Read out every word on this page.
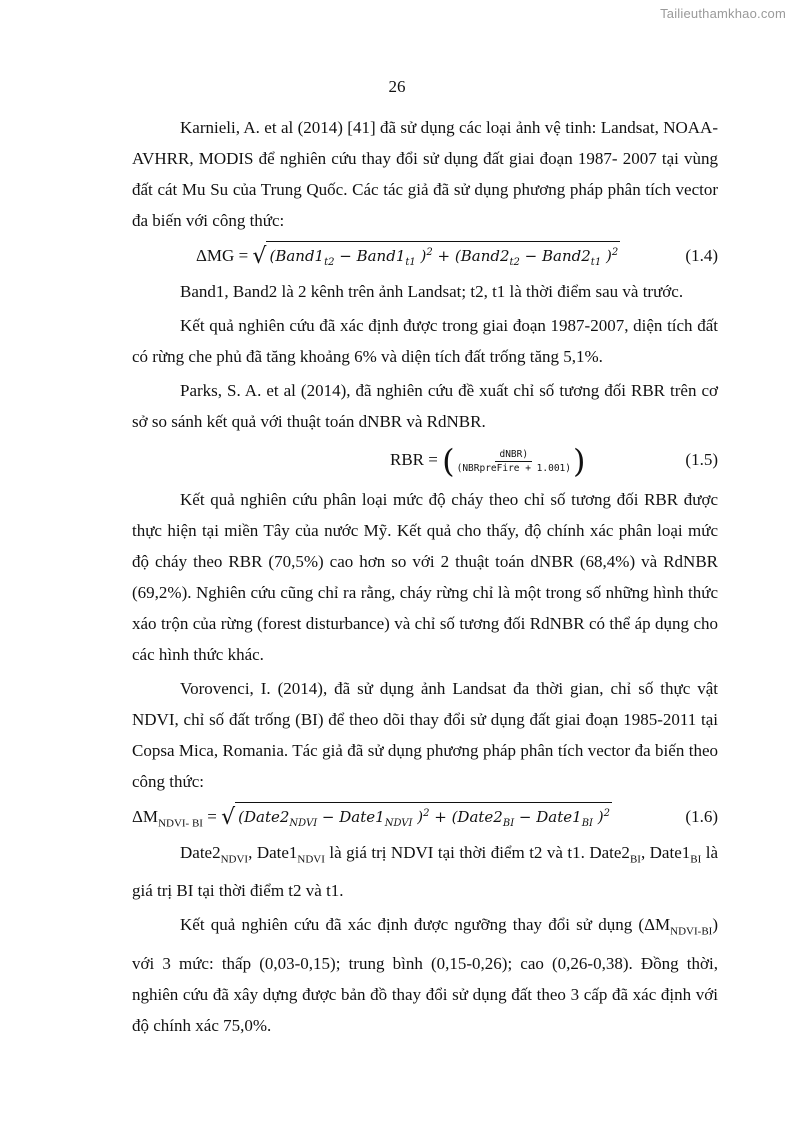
Tailieuthamkhao.com
26

Karnieli, A. et al (2014) [41] đã sử dụng các loại ảnh vệ tinh: Landsat, NOAA- AVHRR, MODIS để nghiên cứu thay đổi sử dụng đất giai đoạn 1987- 2007 tại vùng đất cát Mu Su của Trung Quốc. Các tác giả đã sử dụng phương pháp phân tích vector đa biến với công thức:

ΔMG = √ ($Band1_{t2}$ − $Band1_{t1}$ )$^2 + (Band2_{t2}$ − $Band2_{t1}$ )$^2$	(1.4)

Band1, Band2 là 2 kênh trên ảnh Landsat; t2, t1 là thời điểm sau và trước.

Kết quả nghiên cứu đã xác định được trong giai đoạn 1987-2007, diện tích đất có rừng che phủ đã tăng khoảng 6% và diện tích đất trống tăng 5,1%.

Parks, S. A. et al (2014), đã nghiên cứu đề xuất chỉ số tương đối RBR trên cơ sở so sánh kết quả với thuật toán dNBR và RdNBR.

RBR = ( $\frac{\text{dNBR)}}{\text{(NBRpreFire + 1.001)}}$ )	(1.5)

Kết quả nghiên cứu phân loại mức độ cháy theo chỉ số tương đối RBR được thực hiện tại miền Tây của nước Mỹ. Kết quả cho thấy, độ chính xác phân loại mức độ cháy theo RBR (70,5%) cao hơn so với 2 thuật toán dNBR (68,4%) và RdNBR (69,2%). Nghiên cứu cũng chỉ ra rằng, cháy rừng chỉ là một trong số những hình thức xáo trộn của rừng (forest disturbance) và chỉ số tương đối RdNBR có thể áp dụng cho các hình thức khác.

Vorovenci, I. (2014), đã sử dụng ảnh Landsat đa thời gian, chỉ số thực vật NDVI, chỉ số đất trống (BI) để theo dõi thay đổi sử dụng đất giai đoạn 1985-2011 tại Copsa Mica, Romania. Tác giả đã sử dụng phương pháp phân tích vector đa biến theo công thức:

$\Delta M_{NDVI- BI}$ = √ ($Date2_{NDVI}$ − $Date1_{NDVI}$ )$^2 + (Date2_{BI}$ − $Date1_{BI}$ )$^2$	(1.6)

$Date2_{NDVI}$, $Date1_{NDVI}$ là giá trị NDVI tại thời điểm t2 và t1. $Date2_{BI}$, $Date1_{BI}$ là giá trị BI tại thời điểm t2 và t1.

Kết quả nghiên cứu đã xác định được ngưỡng thay đổi sử dụng $(\Delta M_{NDVI-BI})$ với 3 mức: thấp (0,03-0,15); trung bình (0,15-0,26); cao (0,26-0,38). Đồng thời, nghiên cứu đã xây dựng được bản đồ thay đổi sử dụng đất theo 3 cấp đã xác định với độ chính xác 75,0%.
